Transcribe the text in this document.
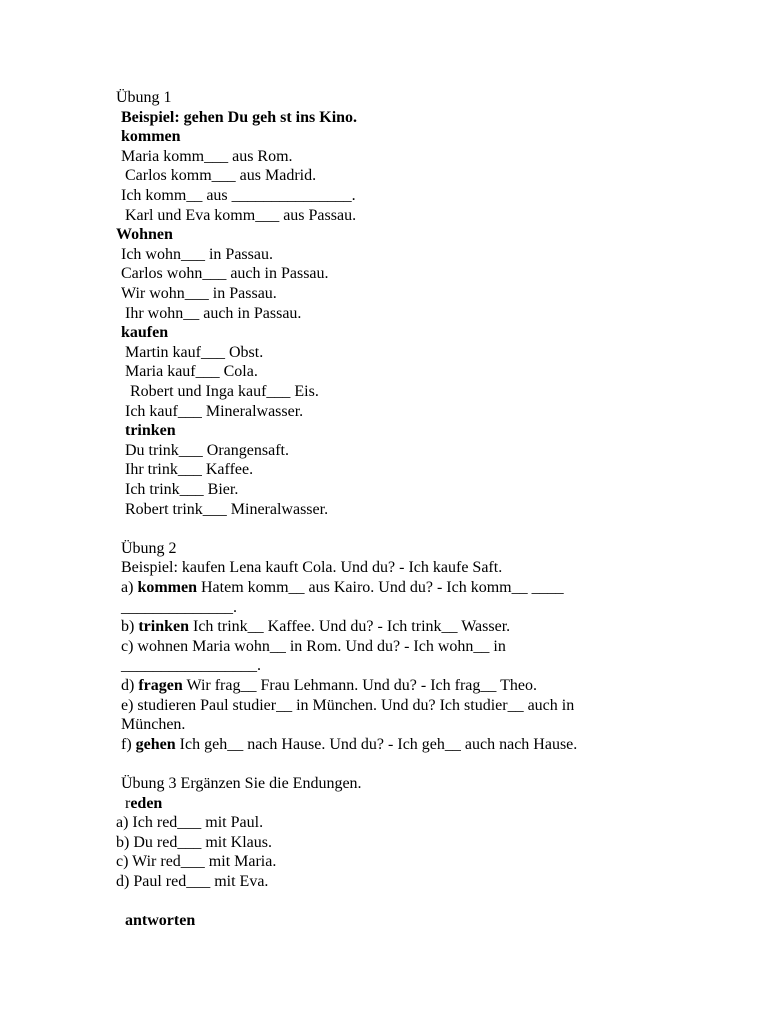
Übung 1
Beispiel: gehen Du geh st ins Kino.
kommen
Maria komm___ aus Rom.
Carlos komm___ aus Madrid.
Ich komm__ aus _______________.
Karl und Eva komm___ aus Passau.
Wohnen
Ich wohn___ in Passau.
Carlos wohn___ auch in Passau.
Wir wohn___ in Passau.
Ihr wohn__ auch in Passau.
kaufen
Martin kauf___ Obst.
Maria kauf___ Cola.
Robert und Inga kauf___ Eis.
Ich kauf___ Mineralwasser.
trinken
Du trink___ Orangensaft.
Ihr trink___ Kaffee.
Ich trink___ Bier.
Robert trink___ Mineralwasser.
Übung 2
Beispiel: kaufen Lena kauft Cola. Und du? - Ich kaufe Saft.
a) kommen Hatem komm__ aus Kairo. Und du? - Ich komm__ ____
______________.
b) trinken Ich trink__ Kaffee. Und du? - Ich trink__ Wasser.
c) wohnen Maria wohn__ in Rom. Und du? - Ich wohn__ in
_________________.
d) fragen Wir frag__ Frau Lehmann. Und du? - Ich frag__ Theo.
e) studieren Paul studier__ in München. Und du? Ich studier__ auch in
München.
f) gehen Ich geh__ nach Hause. Und du? - Ich geh__ auch nach Hause.
Übung 3 Ergänzen Sie die Endungen.
reden
a) Ich red___ mit Paul.
b) Du red___ mit Klaus.
c) Wir red___ mit Maria.
d) Paul red___ mit Eva.
antworten
